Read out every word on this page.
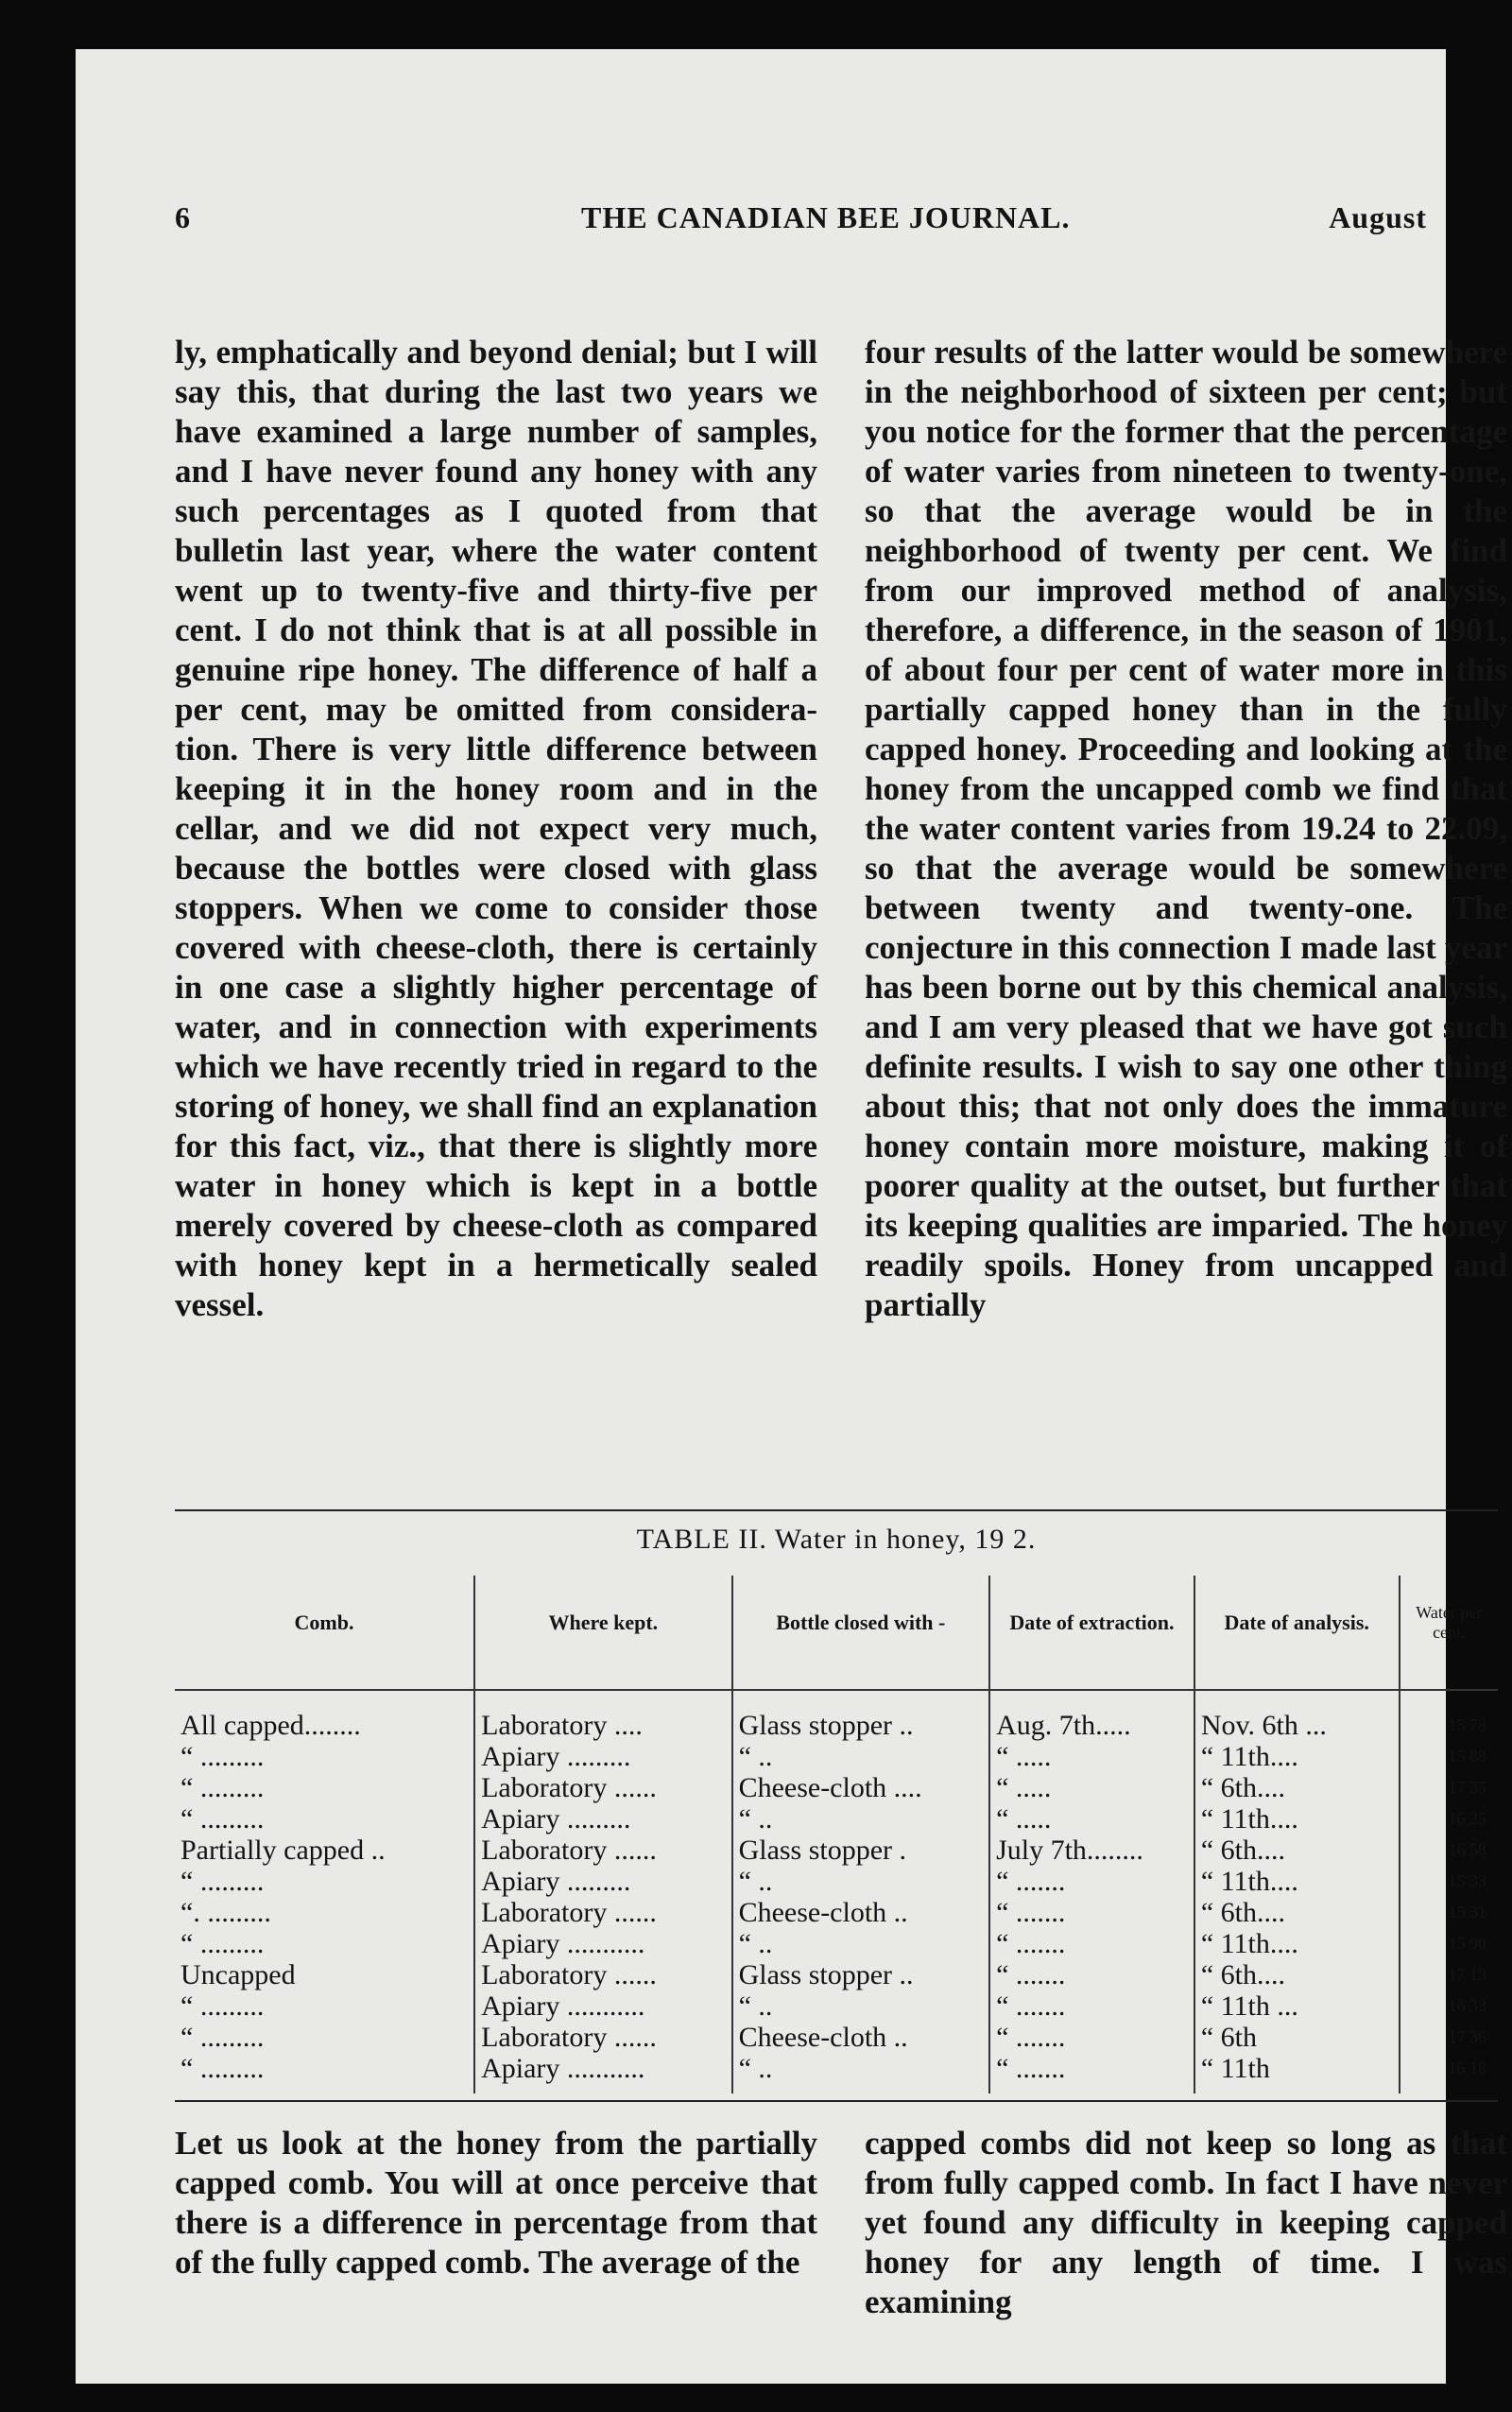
6	THE CANADIAN BEE JOURNAL.	August

ly, emphatically and beyond denial; but I will say this, that during the last two years we have examined a large number of samples, and I have never found any honey with any such percentages as I quoted from that bulletin last year, where the water content went up to twenty-five and thirty-five per cent. I do not think that is at all possible in genuine ripe honey. The difference of half a per cent, may be omitted from considera-tion. There is very little difference between keeping it in the honey room and in the cellar, and we did not expect very much, because the bottles were closed with glass stoppers. When we come to consider those covered with cheese-cloth, there is certainly in one case a slightly higher percentage of water, and in connection with experiments which we have recently tried in regard to the storing of honey, we shall find an explanation for this fact, viz., that there is slightly more water in honey which is kept in a bottle merely covered by cheese-cloth as compared with honey kept in a hermetically sealed vessel.

four results of the latter would be somewhere in the neighborhood of sixteen per cent; but you notice for the former that the percentage of water varies from nineteen to twenty-one, so that the average would be in the neighborhood of twenty per cent. We find from our improved method of analysis, therefore, a difference, in the season of 1901, of about four per cent of water more in this partially capped honey than in the fully capped honey. Proceeding and looking at the honey from the uncapped comb we find that the water content varies from 19.24 to 22.09, so that the average would be somewhere between twenty and twenty-one. The conjecture in this connection I made last year has been borne out by this chemical analysis, and I am very pleased that we have got such definite results. I wish to say one other thing about this; that not only does the immature honey contain more moisture, making it of poorer quality at the outset, but further that its keeping qualities are imparied. The honey readily spoils. Honey from uncapped and partially

TABLE II. Water in honey, 19 2.
Comb.	Where kept.	Bottle closed with -	Date of extraction.	Date of analysis.	Water per cent.
All capped........	Laboratory ....	Glass stopper ..	Aug. 7th.....	Nov. 6th ...	15 78
“ .........	Apiary .........	“ ..	“ .....	“ 11th....	15 88
“ .........	Laboratory ......	Cheese-cloth ....	“ .....	“ 6th....	17 35
“ .........	Apiary .........	“ ..	“ .....	“ 11th....	16 25
Partially capped ..	Laboratory ......	Glass stopper .	July 7th........	“ 6th....	16 58
“ .........	Apiary .........	“ ..	“ .......	“ 11th....	15 33
“. .........	Laboratory ......	Cheese-cloth ..	“ .......	“ 6th....	15 31
“ .........	Apiary ...........	“ ..	“ .......	“ 11th....	15 90
Uncapped	Laboratory ......	Glass stopper ..	“ .......	“ 6th....	17 13
“ .........	Apiary ...........	“ ..	“ .......	“ 11th ...	16 33
“ .........	Laboratory ......	Cheese-cloth ..	“ .......	“ 6th	17 36
“ .........	Apiary ...........	“ ..	“ .......	“ 11th	16 18

Let us look at the honey from the partially capped comb. You will at once perceive that there is a difference in percentage from that of the fully capped comb. The average of the

capped combs did not keep so long as that from fully capped comb. In fact I have never yet found any difficulty in keeping capped honey for any length of time. I was examining
